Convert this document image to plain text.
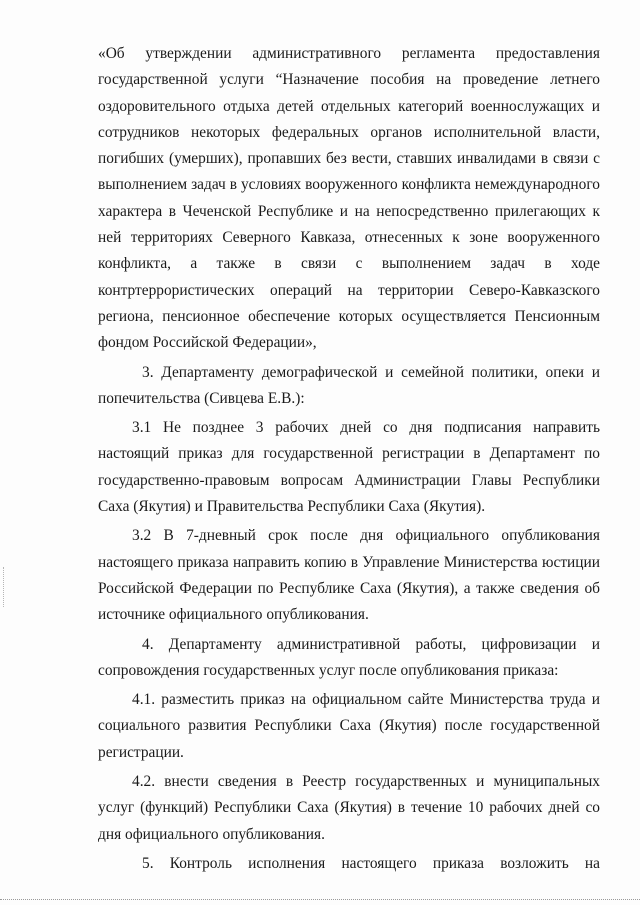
«Об утверждении административного регламента предоставления государственной услуги “Назначение пособия на проведение летнего оздоровительного отдыха детей отдельных категорий военнослужащих и сотрудников некоторых федеральных органов исполнительной власти, погибших (умерших), пропавших без вести, ставших инвалидами в связи с выполнением задач в условиях вооруженного конфликта немеждународного характера в Чеченской Республике и на непосредственно прилегающих к ней территориях Северного Кавказа, отнесенных к зоне вооруженного конфликта, а также в связи с выполнением задач в ходе контртеррористических операций на территории Северо-Кавказского региона, пенсионное обеспечение которых осуществляется Пенсионным фондом Российской Федерации»,

3. Департаменту демографической и семейной политики, опеки и попечительства (Сивцева Е.В.):

3.1 Не позднее 3 рабочих дней со дня подписания направить настоящий приказ для государственной регистрации в Департамент по государственно-правовым вопросам Администрации Главы Республики Саха (Якутия) и Правительства Республики Саха (Якутия).

3.2 В 7-дневный срок после дня официального опубликования настоящего приказа направить копию в Управление Министерства юстиции Российской Федерации по Республике Саха (Якутия), а также сведения об источнике официального опубликования.

4. Департаменту административной работы, цифровизации и сопровождения государственных услуг после опубликования приказа:

4.1. разместить приказ на официальном сайте Министерства труда и социального развития Республики Саха (Якутия) после государственной регистрации.

4.2. внести сведения в Реестр государственных и муниципальных услуг (функций) Республики Саха (Якутия) в течение 10 рабочих дней со дня официального опубликования.

5. Контроль исполнения настоящего приказа возложить на
